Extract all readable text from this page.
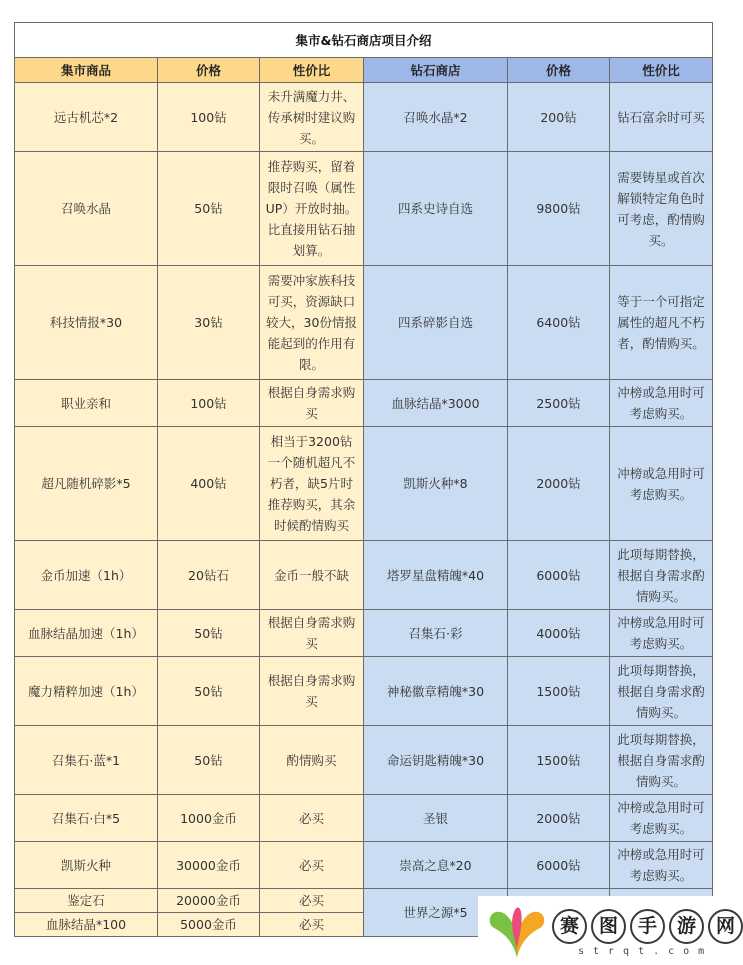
集市&钻石商店项目介绍					
集市商品	价格	性价比	钻石商店	价格	性价比
远古机芯*2	100钻	未升满魔力井、传承树时建议购买。	召唤水晶*2	200钻	钻石富余时可买
召唤水晶	50钻	推荐购买，留着限时召唤（属性UP）开放时抽。比直接用钻石抽划算。	四系史诗自选	9800钻	需要铸星或首次解锁特定角色时可考虑，酌情购买。
科技情报*30	30钻	需要冲家族科技可买，资源缺口较大，30份情报能起到的作用有限。	四系碎影自选	6400钻	等于一个可指定属性的超凡不朽者，酌情购买。
职业亲和	100钻	根据自身需求购买	血脉结晶*3000	2500钻	冲榜或急用时可考虑购买。
超凡随机碎影*5	400钻	相当于3200钻一个随机超凡不朽者，缺5片时推荐购买，其余时候酌情购买	凯斯火种*8	2000钻	冲榜或急用时可考虑购买。
金币加速（1h）	20钻石	金币一般不缺	塔罗星盘精魄*40	6000钻	此项每期替换，根据自身需求酌情购买。
血脉结晶加速（1h）	50钻	根据自身需求购买	召集石·彩	4000钻	冲榜或急用时可考虑购买。
魔力精粹加速（1h）	50钻	根据自身需求购买	神秘徽章精魄*30	1500钻	此项每期替换，根据自身需求酌情购买。
召集石·蓝*1	50钻	酌情购买	命运钥匙精魄*30	1500钻	此项每期替换，根据自身需求酌情购买。
召集石·白*5	1000金币	必买	圣银	2000钻	冲榜或急用时可考虑购买。
凯斯火种	30000金币	必买	崇高之息*20	6000钻	冲榜或急用时可考虑购买。
鉴定石	20000金币	必买	世界之源*5		
血脉结晶*100	5000金币	必买				赛	图	手	游	网
strqt.com
